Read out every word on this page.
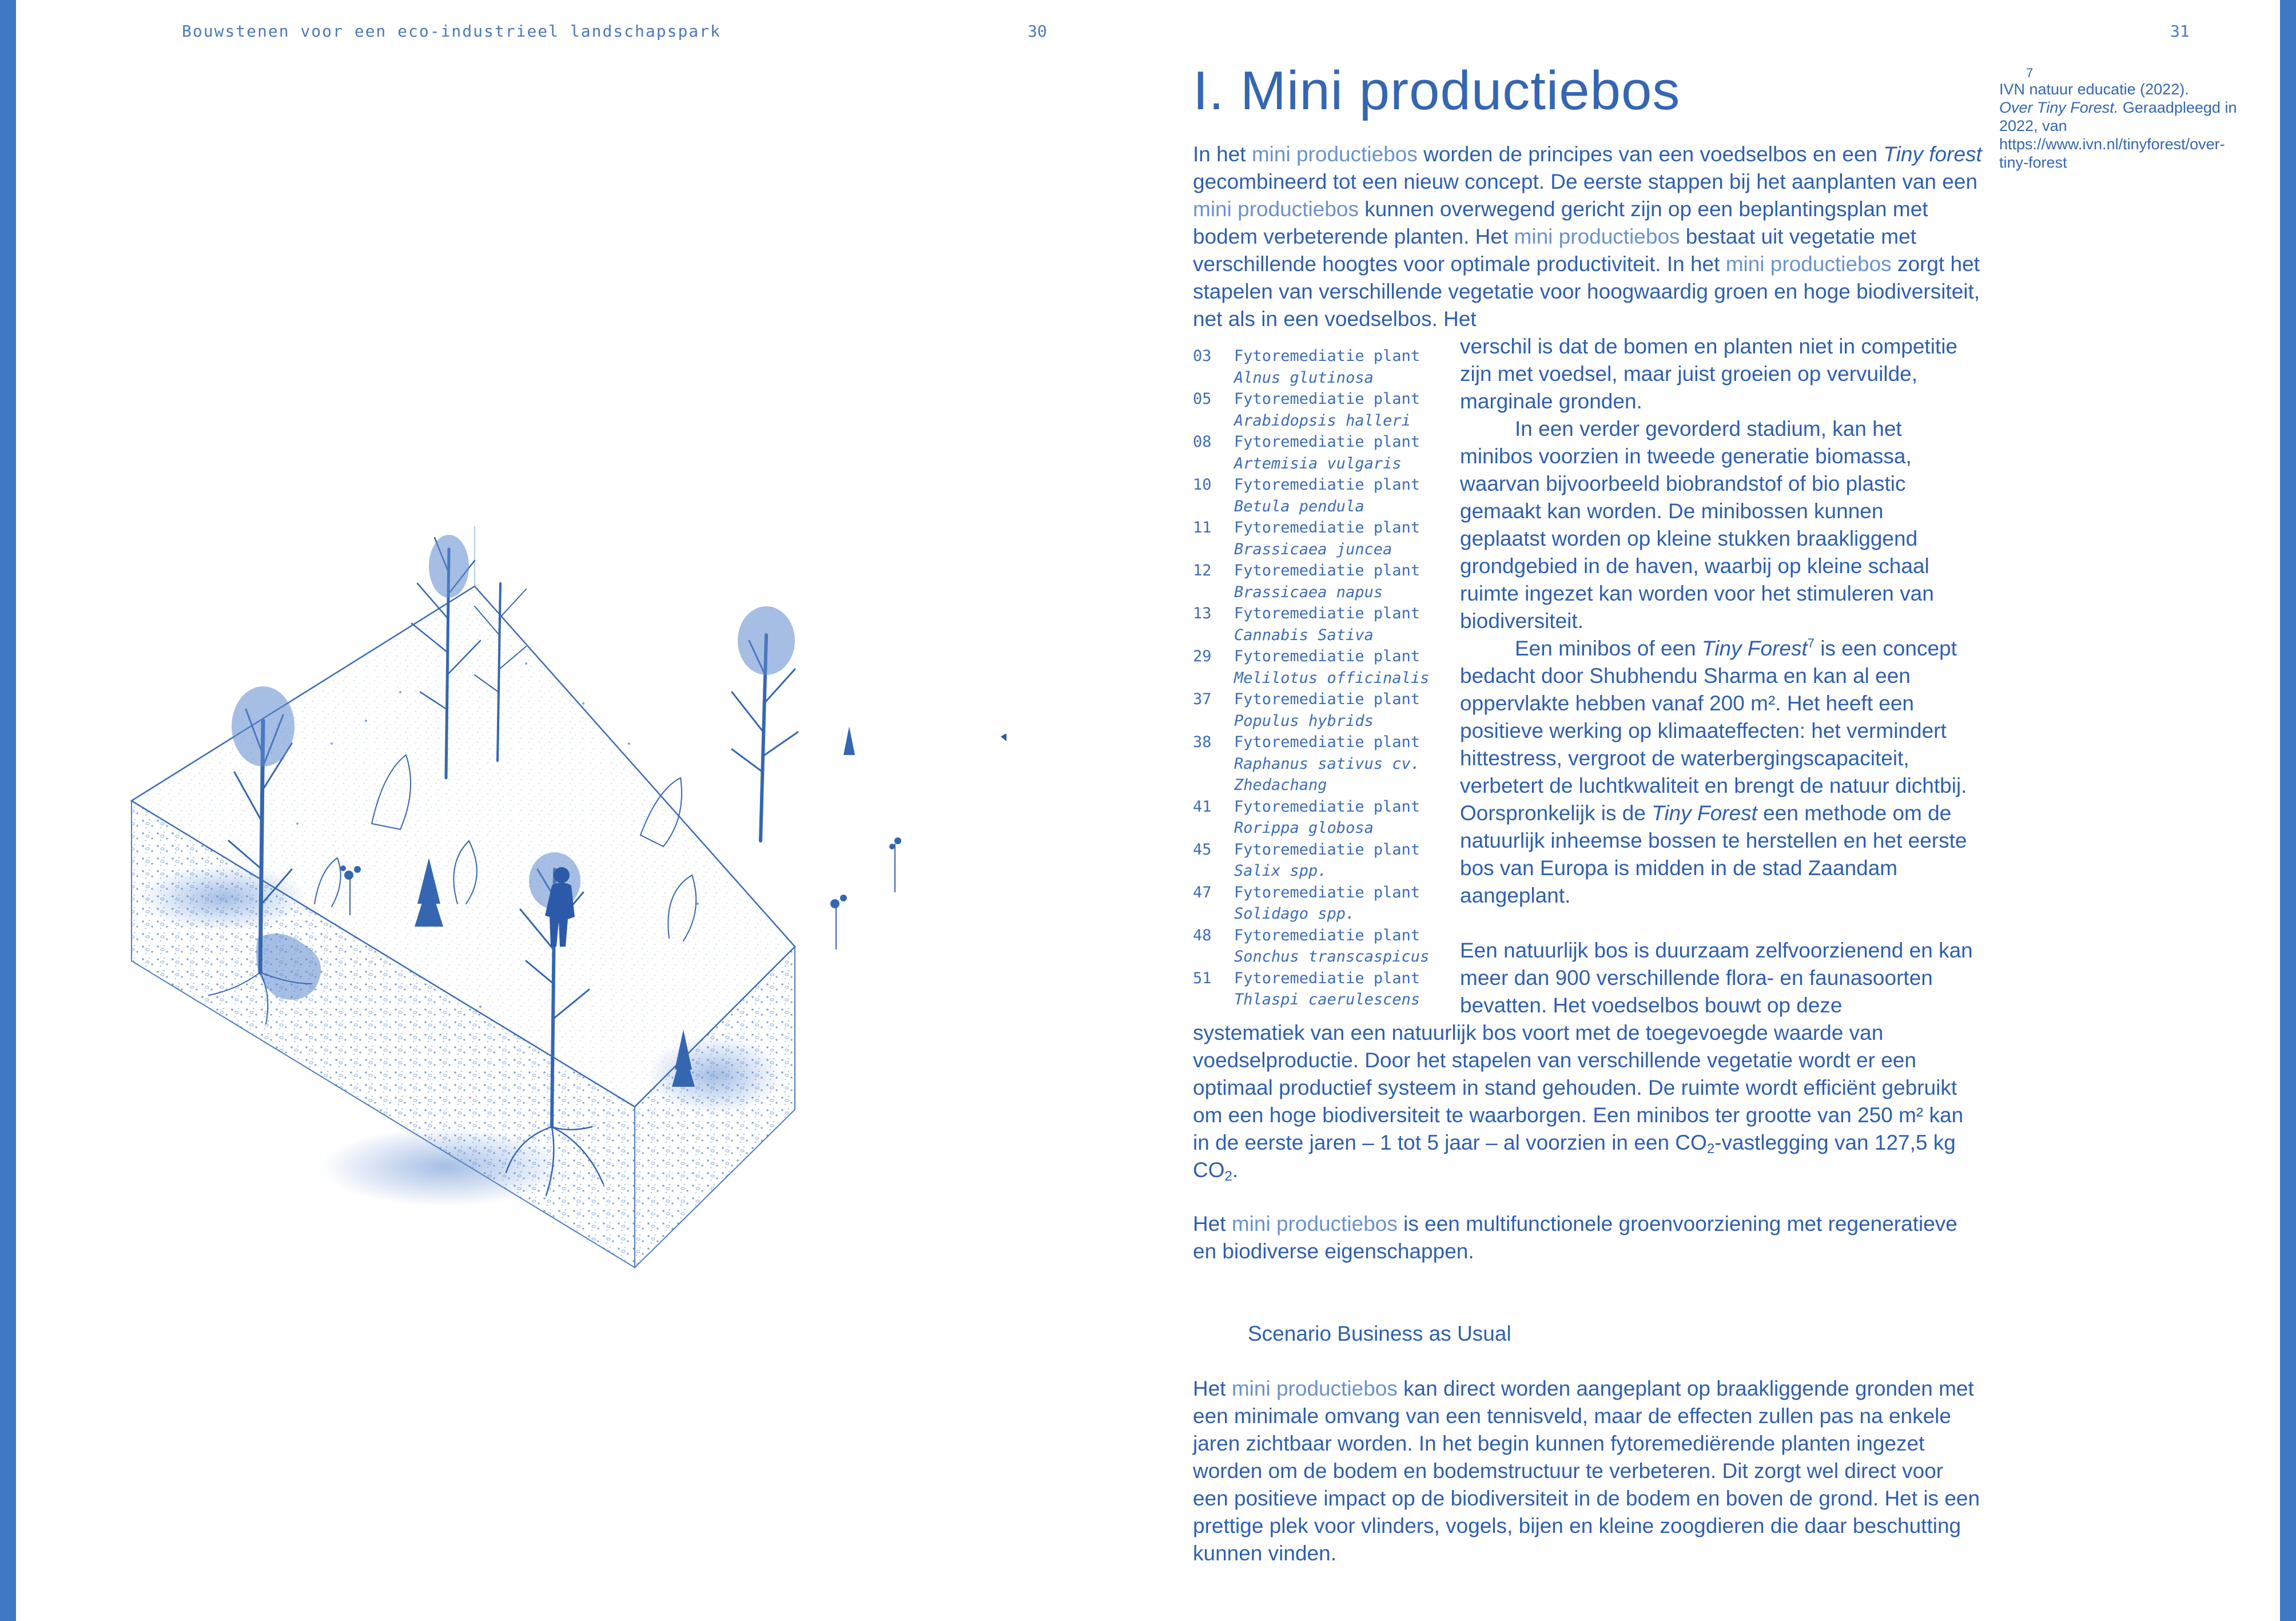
Bouwstenen voor een eco-industrieel landschapspark	30	31
I. Mini productiebos	7
IVN natuur educatie (2022).
Over Tiny Forest. Geraadpleegd in 2022, van https://www.ivn.nl/tinyforest/over-tiny-forest

In het mini productiebos worden de principes van een voedselbos en een Tiny forest gecombineerd tot een nieuw concept. De eerste stappen bij het aanplanten van een mini productiebos kunnen overwegend gericht zijn op een beplantingsplan met bodem verbeterende planten. Het mini productiebos bestaat uit vegetatie met verschillende hoogtes voor optimale productiviteit. In het mini productiebos zorgt het stapelen van verschillende vegetatie voor hoogwaardig groen en hoge biodiversiteit, net als in een voedselbos. Het

03	Fytoremediatie plant
Alnus glutinosa
05	Fytoremediatie plant
Arabidopsis halleri
08	Fytoremediatie plant
Artemisia vulgaris
10	Fytoremediatie plant
Betula pendula
11	Fytoremediatie plant
Brassicaea juncea
12	Fytoremediatie plant
Brassicaea napus
13	Fytoremediatie plant
Cannabis Sativa
29	Fytoremediatie plant
Melilotus officinalis
37	Fytoremediatie plant
Populus hybrids
38	Fytoremediatie plant
Raphanus sativus cv. Zhedachang
41	Fytoremediatie plant
Rorippa globosa
45	Fytoremediatie plant
Salix spp.
47	Fytoremediatie plant
Solidago spp.
48	Fytoremediatie plant
Sonchus transcaspicus
51	Fytoremediatie plant
Thlaspi caerulescens

verschil is dat de bomen en planten niet in competitie zijn met voedsel, maar juist groeien op vervuilde, marginale gronden.

In een verder gevorderd stadium, kan het minibos voorzien in tweede generatie biomassa, waarvan bijvoorbeeld biobrandstof of bio plastic gemaakt kan worden. De minibossen kunnen geplaatst worden op kleine stukken braakliggend grondgebied in de haven, waarbij op kleine schaal ruimte ingezet kan worden voor het stimuleren van biodiversiteit.

Een minibos of een Tiny Forest$^7$ is een concept bedacht door Shubhendu Sharma en kan al een oppervlakte hebben vanaf 200 m². Het heeft een positieve werking op klimaateffecten: het vermindert hittestress, vergroot de waterbergingscapaciteit, verbetert de luchtkwaliteit en brengt de natuur dichtbij. Oorspronkelijk is de Tiny Forest een methode om de natuurlijk inheemse bossen te herstellen en het eerste bos van Europa is midden in de stad Zaandam aangeplant.

Een natuurlijk bos is duurzaam zelfvoorzienend en kan meer dan 900 verschillende flora- en faunasoorten bevatten. Het voedselbos bouwt op deze

systematiek van een natuurlijk bos voort met de toegevoegde waarde van voedselproductie. Door het stapelen van verschillende vegetatie wordt er een optimaal productief systeem in stand gehouden. De ruimte wordt efficiënt gebruikt om een hoge biodiversiteit te waarborgen. Een minibos ter grootte van 250 m² kan in de eerste jaren – 1 tot 5 jaar – al voorzien in een $CO_2$-vastlegging van 127,5 kg $CO_2$.

Het mini productiebos is een multifunctionele groenvoorziening met regeneratieve en biodiverse eigenschappen.

Scenario Business as Usual

Het mini productiebos kan direct worden aangeplant op braakliggende gronden met een minimale omvang van een tennisveld, maar de effecten zullen pas na enkele jaren zichtbaar worden. In het begin kunnen fytoremediërende planten ingezet worden om de bodem en bodemstructuur te verbeteren. Dit zorgt wel direct voor een positieve impact op de biodiversiteit in de bodem en boven de grond. Het is een prettige plek voor vlinders, vogels, bijen en kleine zoogdieren die daar beschutting kunnen vinden.
